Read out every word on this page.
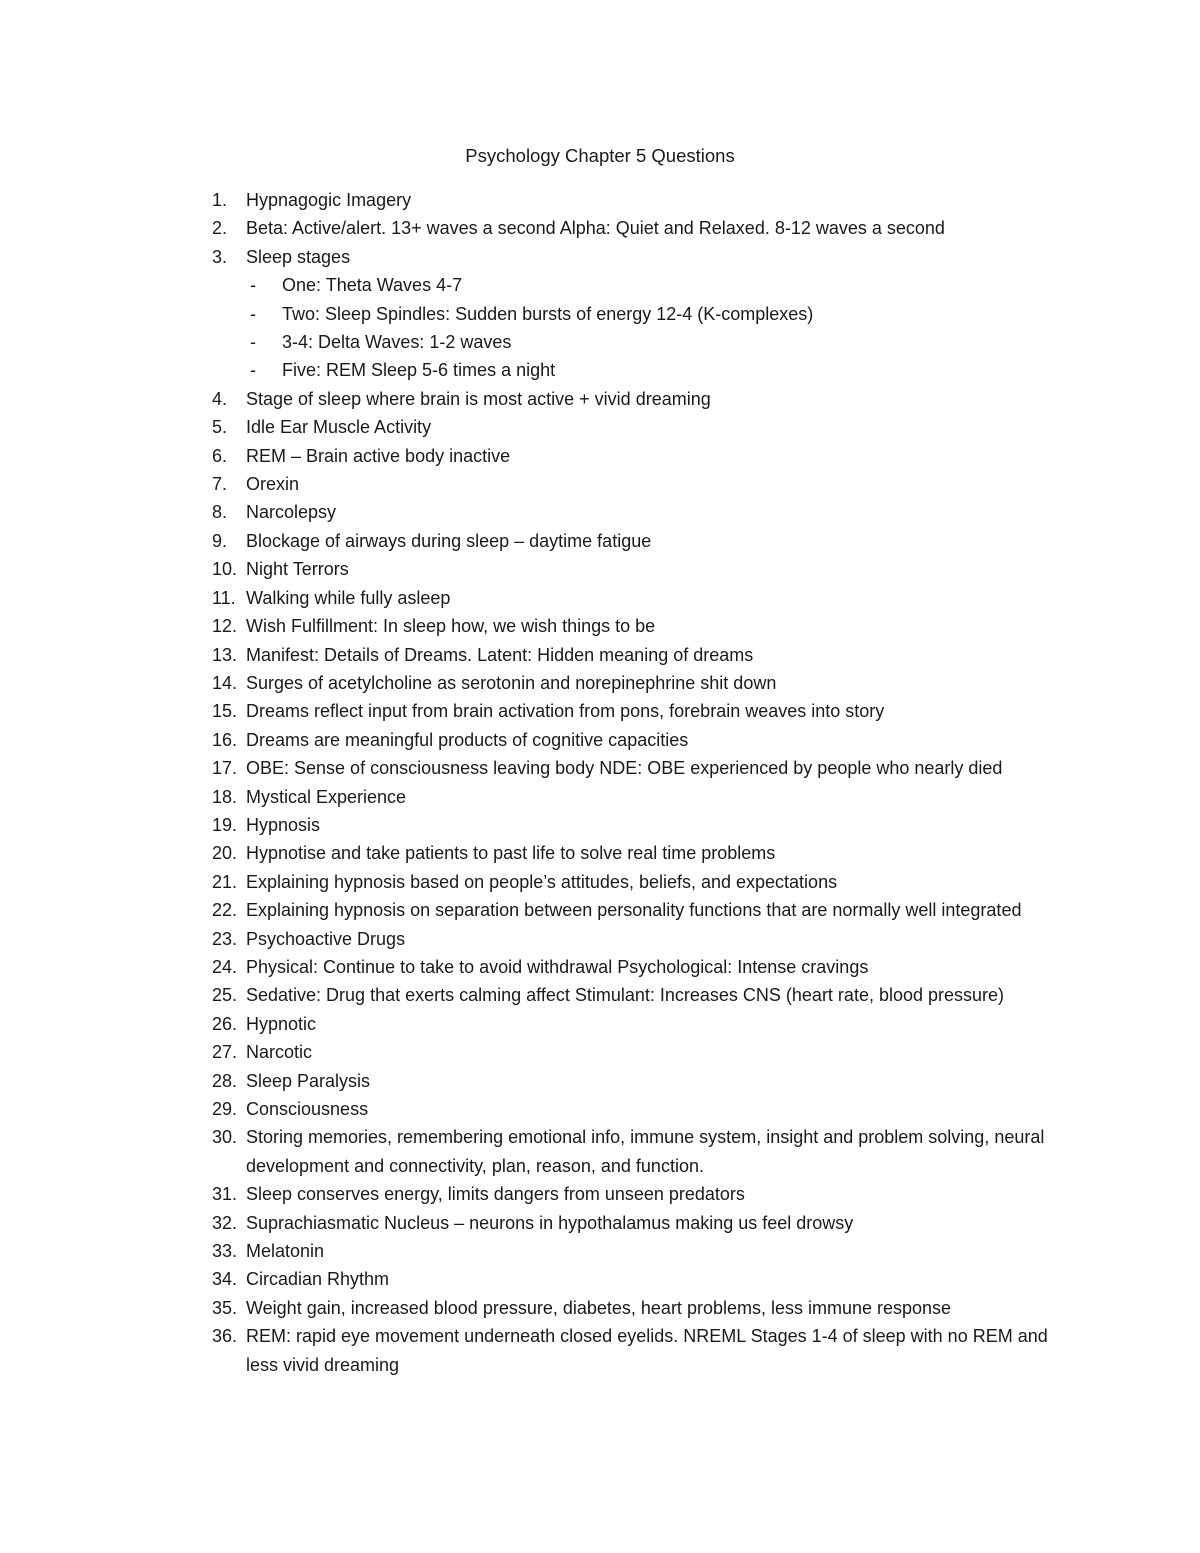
Psychology Chapter 5 Questions
1. Hypnagogic Imagery
2. Beta: Active/alert. 13+ waves a second Alpha: Quiet and Relaxed. 8-12 waves a second
3. Sleep stages
- One: Theta Waves 4-7
- Two: Sleep Spindles: Sudden bursts of energy 12-4 (K-complexes)
- 3-4: Delta Waves: 1-2 waves
- Five: REM Sleep 5-6 times a night
4. Stage of sleep where brain is most active + vivid dreaming
5. Idle Ear Muscle Activity
6. REM – Brain active body inactive
7. Orexin
8. Narcolepsy
9. Blockage of airways during sleep – daytime fatigue
10. Night Terrors
11. Walking while fully asleep
12. Wish Fulfillment: In sleep how, we wish things to be
13. Manifest: Details of Dreams. Latent: Hidden meaning of dreams
14. Surges of acetylcholine as serotonin and norepinephrine shit down
15. Dreams reflect input from brain activation from pons, forebrain weaves into story
16. Dreams are meaningful products of cognitive capacities
17. OBE: Sense of consciousness leaving body NDE: OBE experienced by people who nearly died
18. Mystical Experience
19. Hypnosis
20. Hypnotise and take patients to past life to solve real time problems
21. Explaining hypnosis based on people’s attitudes, beliefs, and expectations
22. Explaining hypnosis on separation between personality functions that are normally well integrated
23. Psychoactive Drugs
24. Physical: Continue to take to avoid withdrawal Psychological: Intense cravings
25. Sedative: Drug that exerts calming affect Stimulant: Increases CNS (heart rate, blood pressure)
26. Hypnotic
27. Narcotic
28. Sleep Paralysis
29. Consciousness
30. Storing memories, remembering emotional info, immune system, insight and problem solving, neural development and connectivity, plan, reason, and function.
31. Sleep conserves energy, limits dangers from unseen predators
32. Suprachiasmatic Nucleus – neurons in hypothalamus making us feel drowsy
33. Melatonin
34. Circadian Rhythm
35. Weight gain, increased blood pressure, diabetes, heart problems, less immune response
36. REM: rapid eye movement underneath closed eyelids. NREML Stages 1-4 of sleep with no REM and less vivid dreaming
